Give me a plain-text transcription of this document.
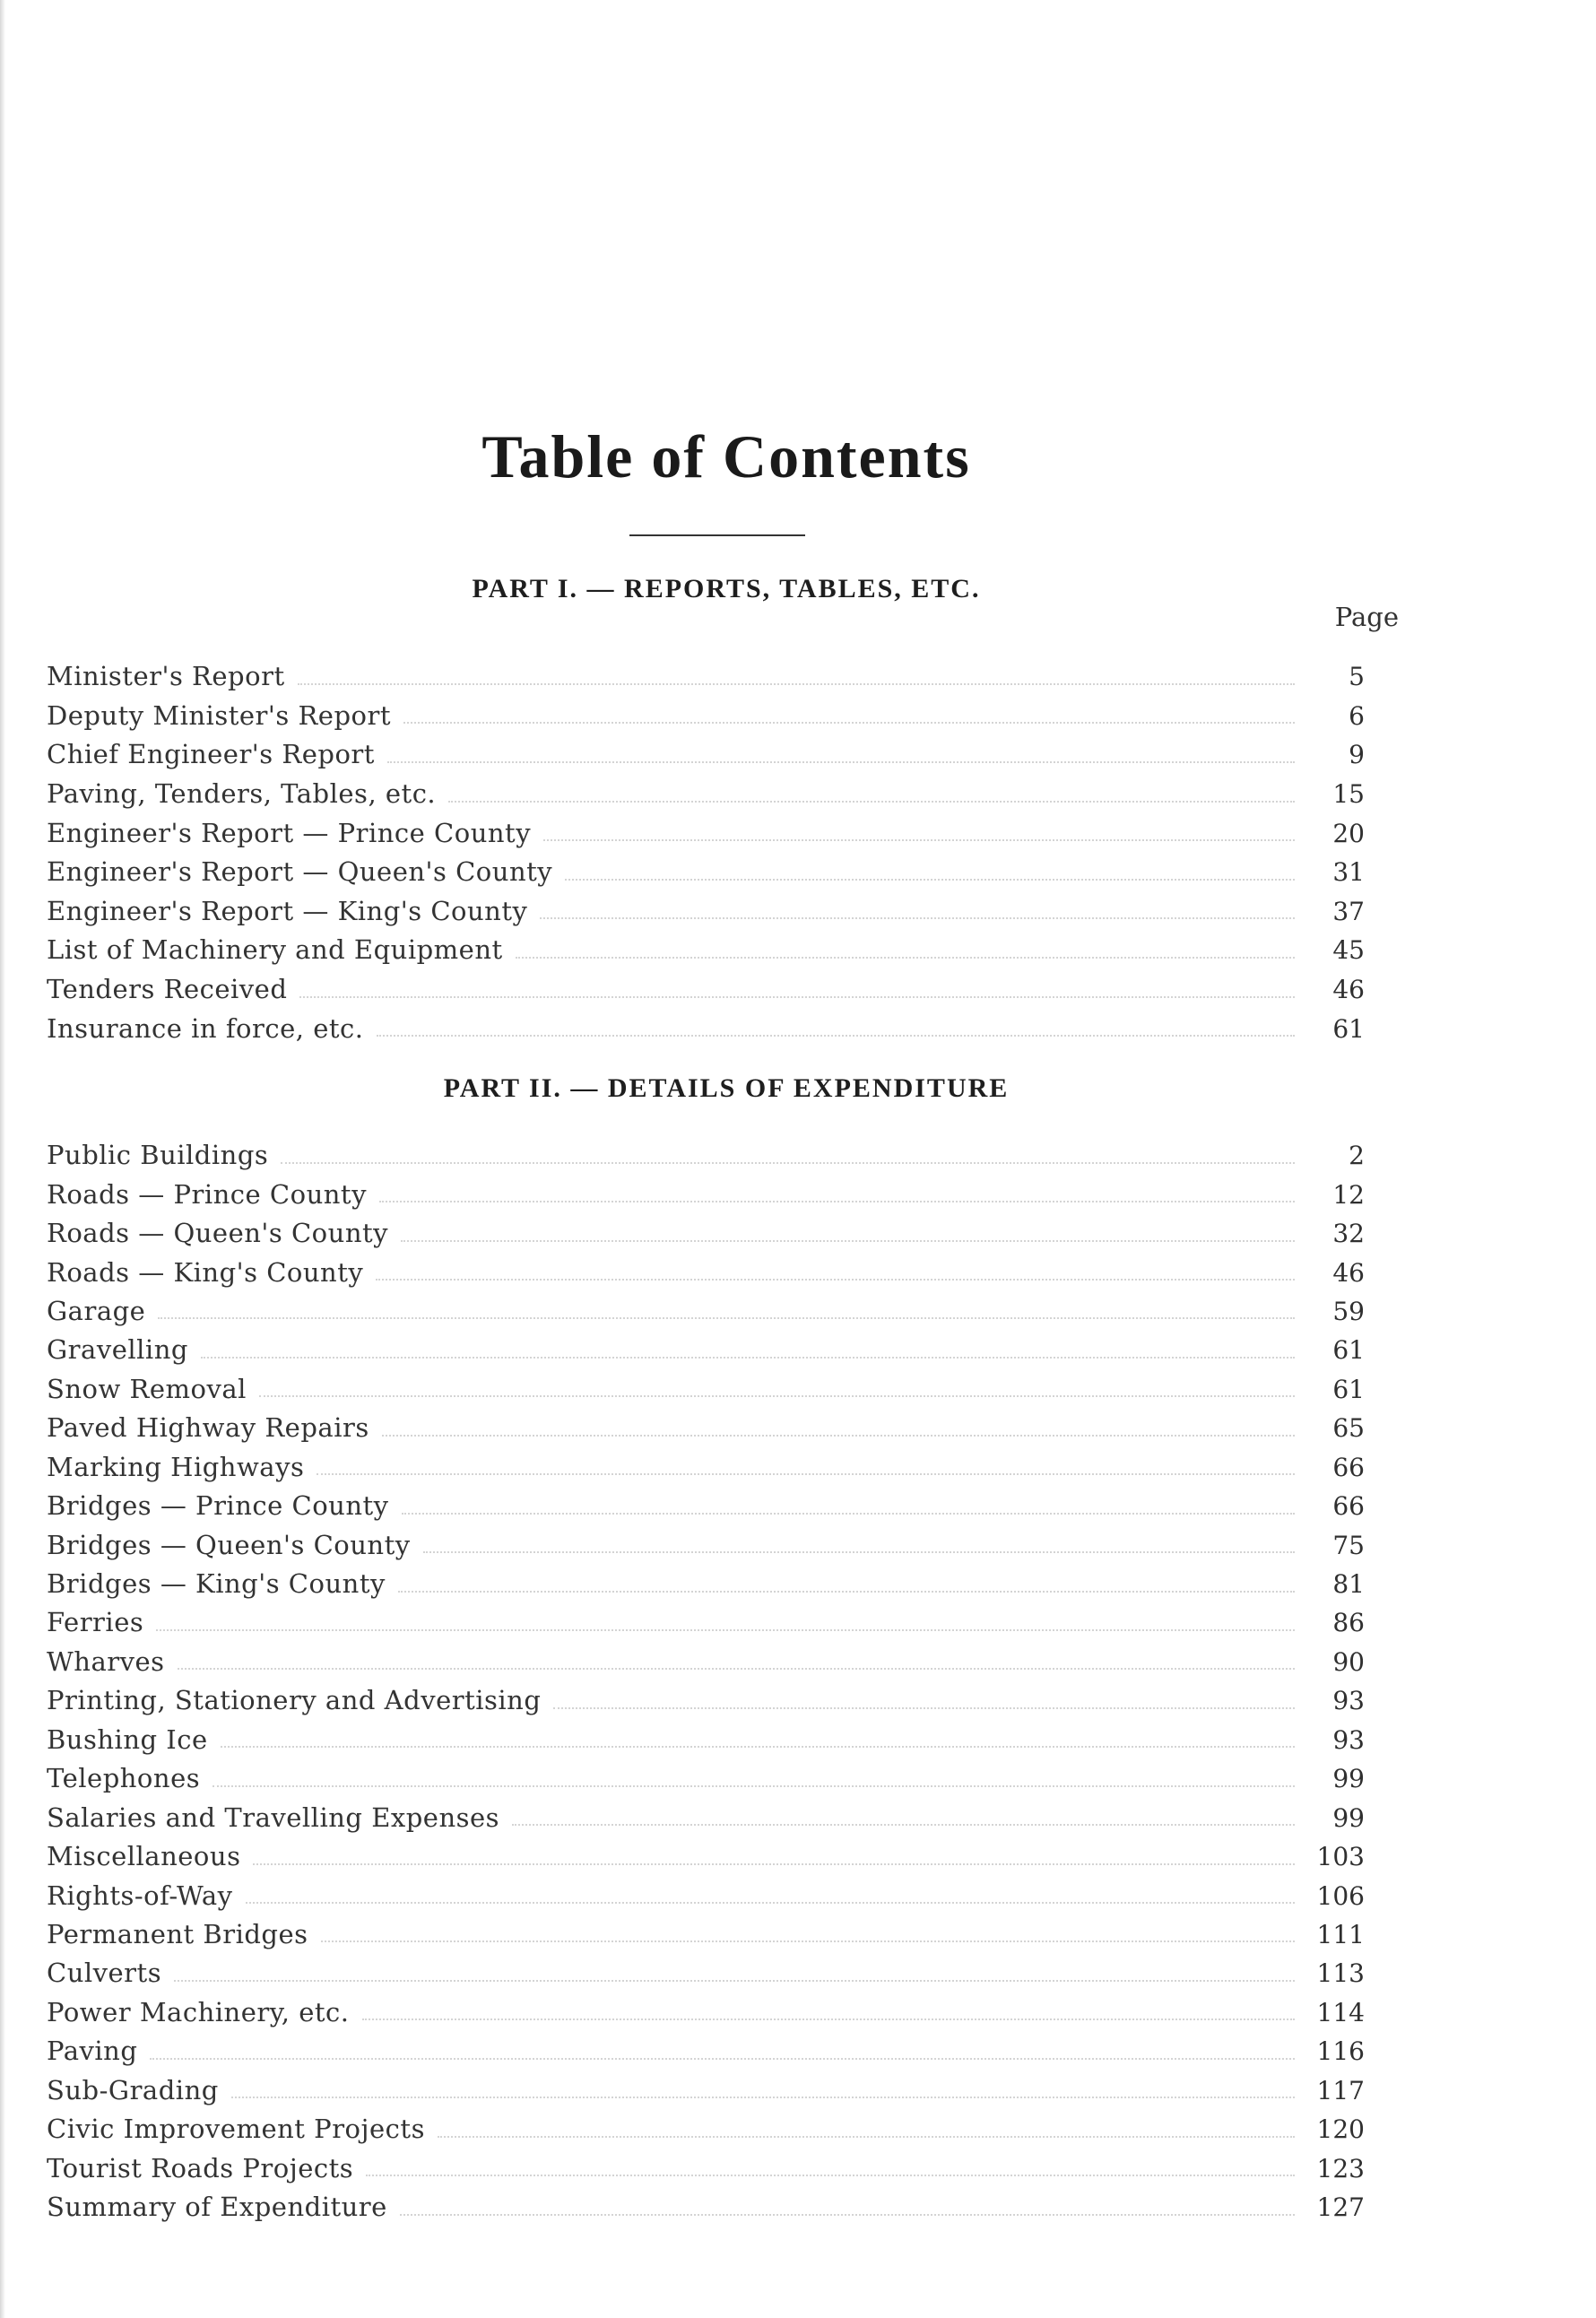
Table of Contents
PART I. — REPORTS, TABLES, ETC.
Page
Minister's Report	5
Deputy Minister's Report	6
Chief Engineer's Report	9
Paving, Tenders, Tables, etc.	15
Engineer's Report — Prince County	20
Engineer's Report — Queen's County	31
Engineer's Report — King's County	37
List of Machinery and Equipment	45
Tenders Received	46
Insurance in force, etc.	61
PART II. — DETAILS OF EXPENDITURE
Public Buildings	2
Roads — Prince County	12
Roads — Queen's County	32
Roads — King's County	46
Garage	59
Gravelling	61
Snow Removal	61
Paved Highway Repairs	65
Marking Highways	66
Bridges — Prince County	66
Bridges — Queen's County	75
Bridges — King's County	81
Ferries	86
Wharves	90
Printing, Stationery and Advertising	93
Bushing Ice	93
Telephones	99
Salaries and Travelling Expenses	99
Miscellaneous	103
Rights-of-Way	106
Permanent Bridges	111
Culverts	113
Power Machinery, etc.	114
Paving	116
Sub-Grading	117
Civic Improvement Projects	120
Tourist Roads Projects	123
Summary of Expenditure	127
